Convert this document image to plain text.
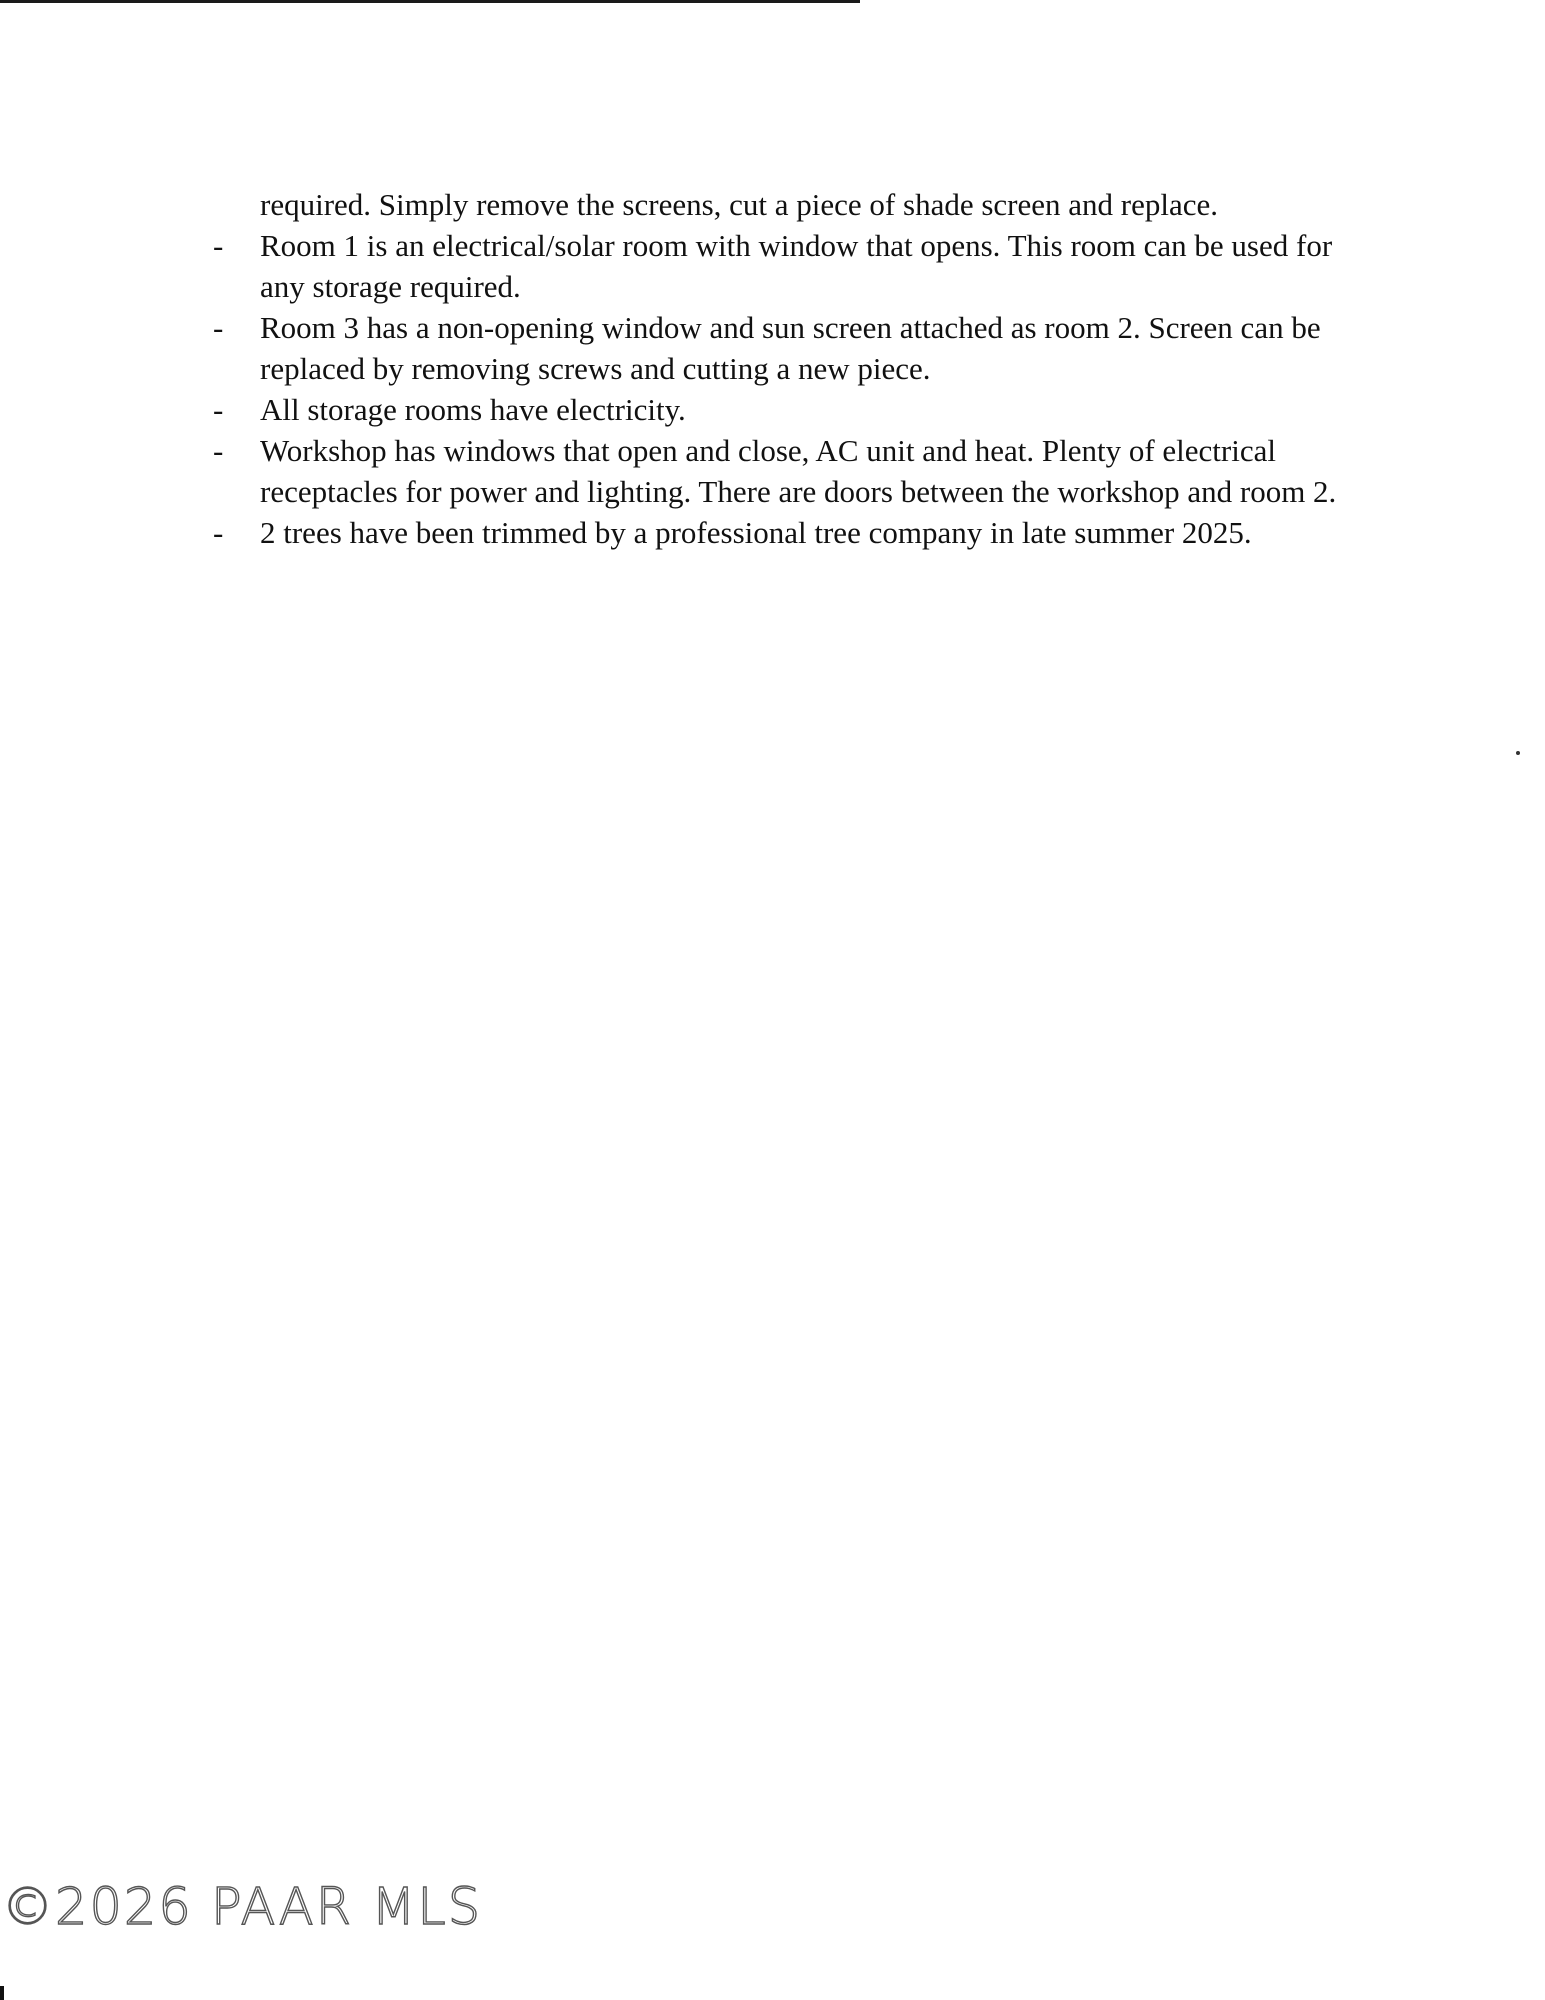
required. Simply remove the screens, cut a piece of shade screen and replace.

- Room 1 is an electrical/solar room with window that opens. This room can be used for any storage required.
- Room 3 has a non-opening window and sun screen attached as room 2. Screen can be replaced by removing screws and cutting a new piece.
- All storage rooms have electricity.
- Workshop has windows that open and close, AC unit and heat. Plenty of electrical receptacles for power and lighting. There are doors between the workshop and room 2.
- 2 trees have been trimmed by a professional tree company in late summer 2025.
©2026 PAAR MLS
